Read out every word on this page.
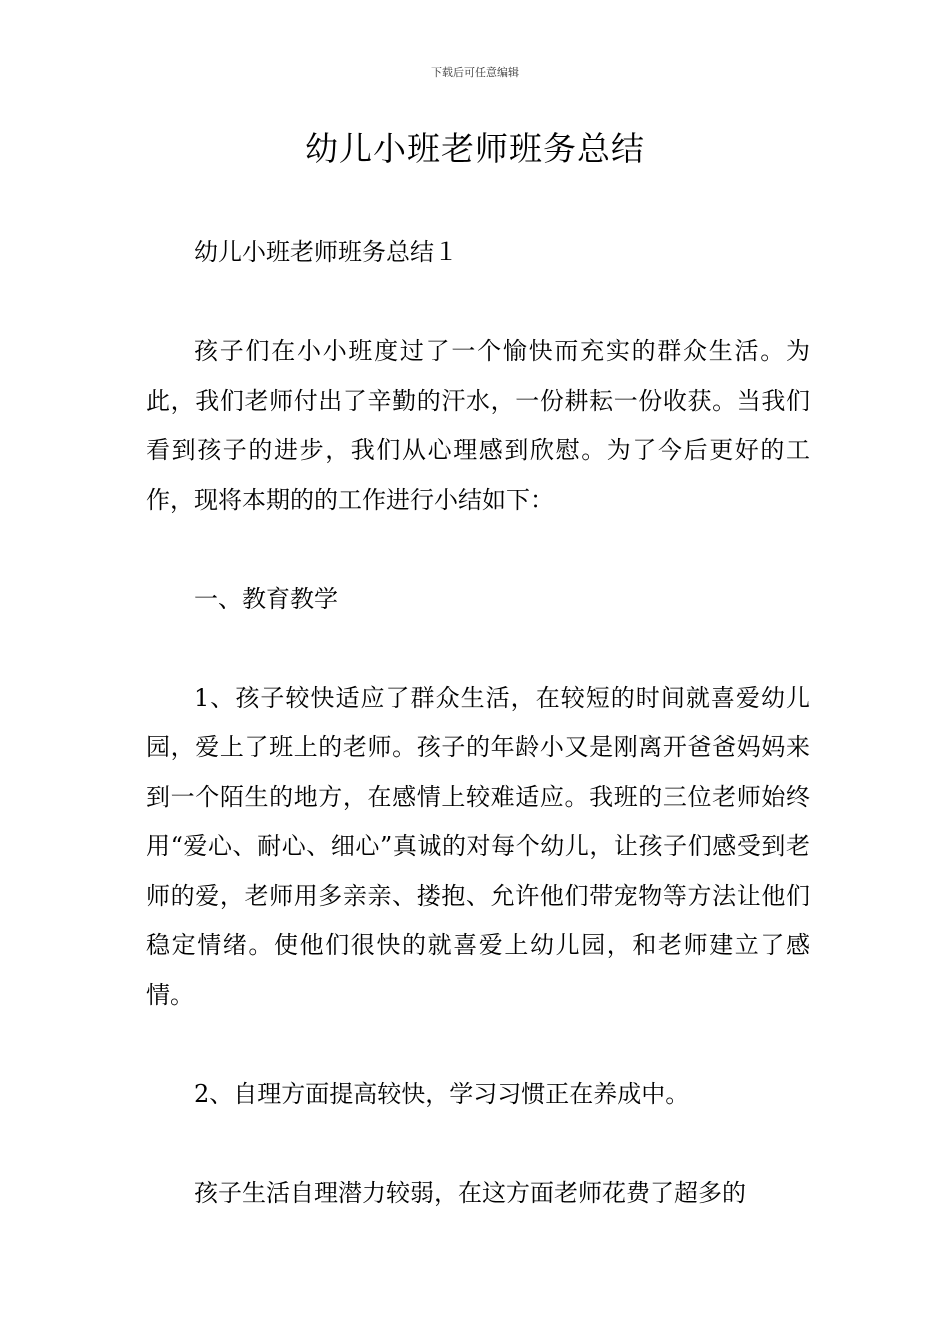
下载后可任意编辑
幼儿小班老师班务总结

幼儿小班老师班务总结１

孩子们在小小班度过了一个愉快而充实的群众生活。为此，我们老师付出了辛勤的汗水，一份耕耘一份收获。当我们看到孩子的进步，我们从心理感到欣慰。为了今后更好的工作，现将本期的的工作进行小结如下：

一、教育教学

1、孩子较快适应了群众生活，在较短的时间就喜爱幼儿园，爱上了班上的老师。孩子的年龄小又是刚离开爸爸妈妈来到一个陌生的地方，在感情上较难适应。我班的三位老师始终用“爱心、耐心、细心”真诚的对每个幼儿，让孩子们感受到老师的爱，老师用多亲亲、搂抱、允许他们带宠物等方法让他们稳定情绪。使他们很快的就喜爱上幼儿园，和老师建立了感情。

2、自理方面提高较快，学习习惯正在养成中。

孩子生活自理潜力较弱，在这方面老师花费了超多的
